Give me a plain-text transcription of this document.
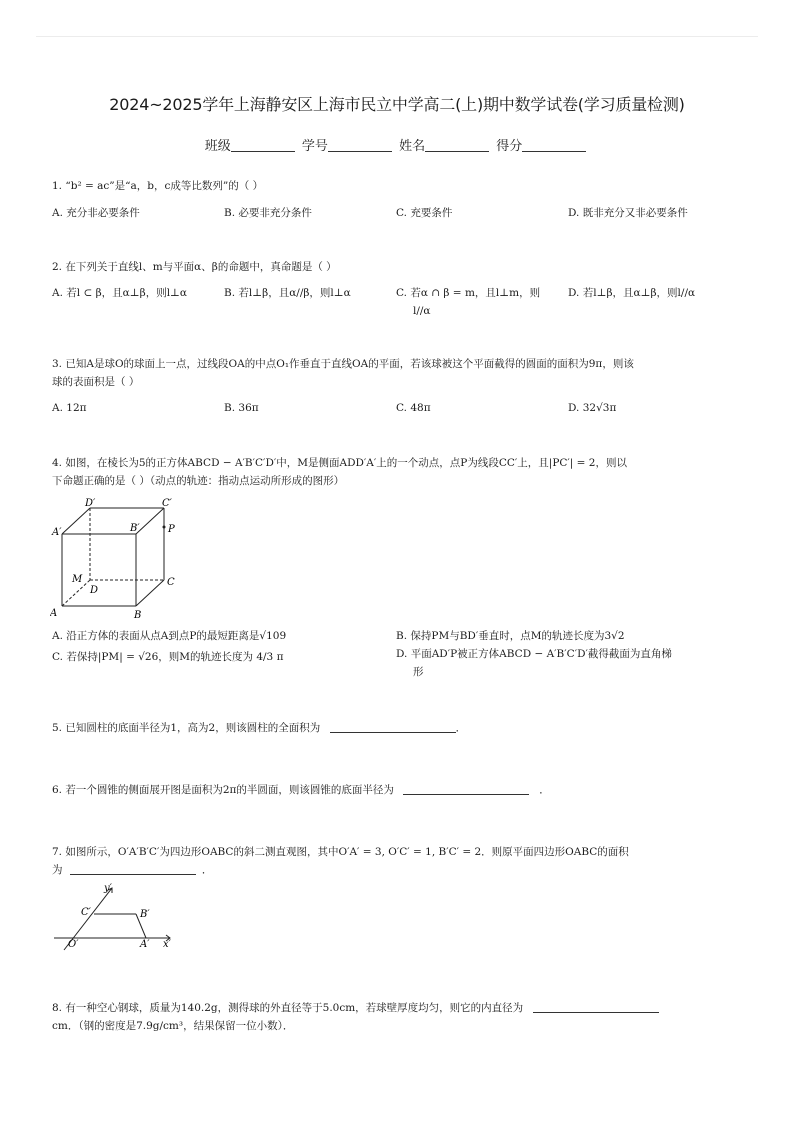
2024~2025学年上海静安区上海市民立中学高二(上)期中数学试卷(学习质量检测)
班级	学号	姓名	得分
1. “b² = ac”是“a，b，c成等比数列”的（ ）
A. 充分非必要条件	B. 必要非充分条件	C. 充要条件	D. 既非充分又非必要条件
2. 在下列关于直线l、m与平面α、β的命题中，真命题是（ ）
A. 若l ⊂ β，且α⊥β，则l⊥α	B. 若l⊥β，且α//β，则l⊥α	C. 若α ∩ β = m，且l⊥m，则
l//α
D. 若l⊥β，且α⊥β，则l//α
3. 已知A是球O的球面上一点，过线段OA的中点O₁作垂直于直线OA的平面，若该球被这个平面截得的圆面的面积为9π，则该
球的表面积是（ ）
A. 12π	B. 36π	C. 48π	D. 32√3π
4. 如图，在棱长为5的正方体ABCD − A′B′C′D′中，M是侧面ADD′A′上的一个动点，点P为线段CC′上，且|PC′| = 2，则以
下命题正确的是（ ）（动点的轨迹：指动点运动所形成的图形）
A	B
C
D
A′	B′
C′
D′
M
P
A. 沿正方体的表面从点A到点P的最短距离是√109	B. 保持PM与BD′垂直时，点M的轨迹长度为3√2
C. 若保持|PM| = √26，则M的轨迹长度为 4/3 π	D. 平面AD′P被正方体ABCD − A′B′C′D′截得截面为直角梯
形
5. 已知圆柱的底面半径为1，高为2，则该圆柱的全面积为	．
6. 若一个圆锥的侧面展开图是面积为2π的半圆面，则该圆锥的底面半径为	．
7. 如图所示，O′A′B′C′为四边形OABC的斜二测直观图，其中O′A′ = 3, O′C′ = 1, B′C′ = 2．则原平面四边形OABC的面积
为	．
y′
x′
O′	A′
B′
C′
8. 有一种空心钢球，质量为140.2g，测得球的外直径等于5.0cm，若球壁厚度均匀，则它的内直径为
cm．（钢的密度是7.9g/cm³，结果保留一位小数）．
